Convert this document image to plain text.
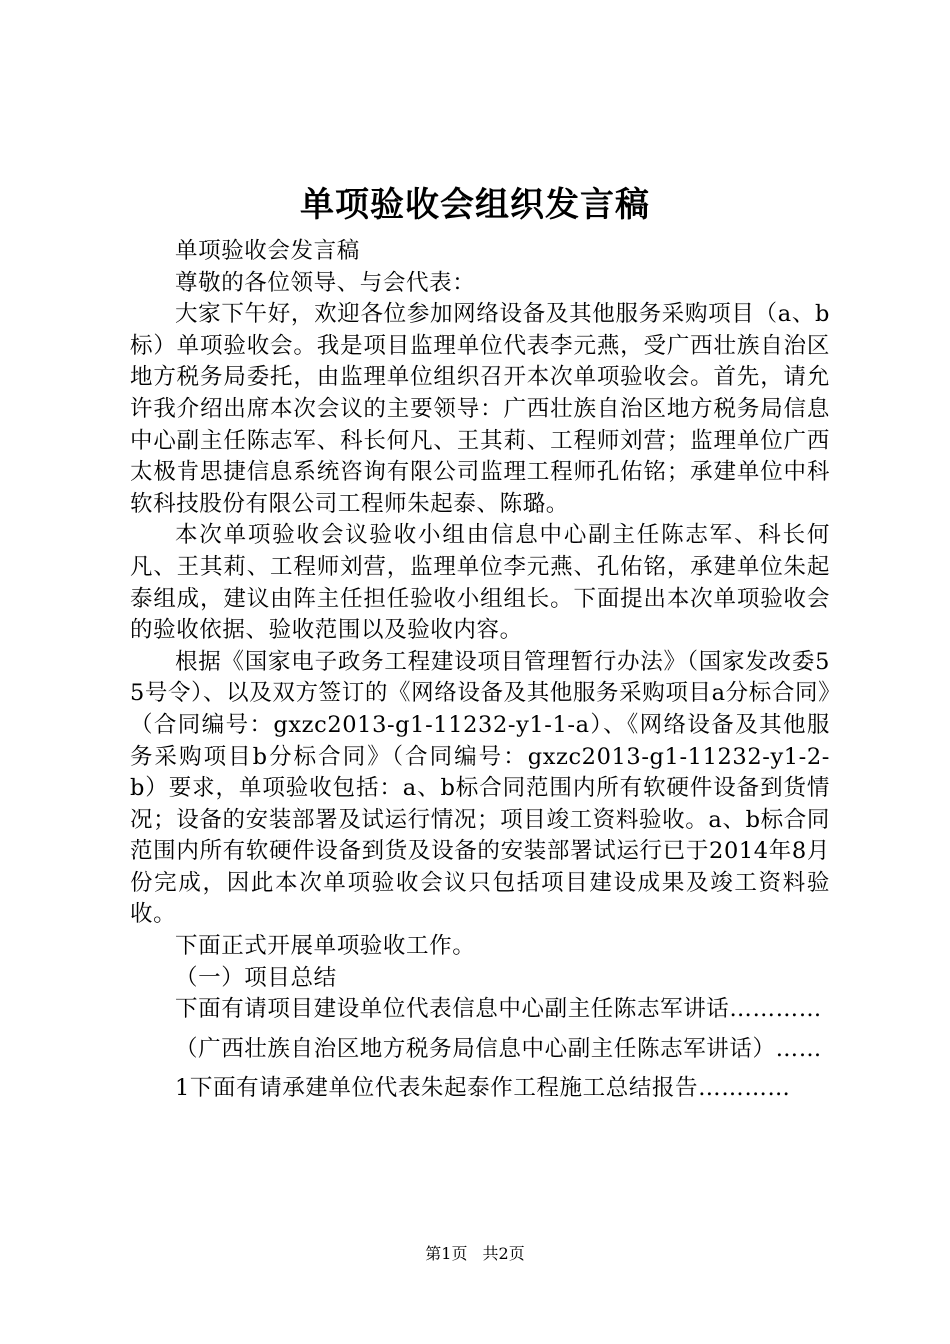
单项验收会组织发言稿

单项验收会发言稿

尊敬的各位领导、与会代表：

大家下午好，欢迎各位参加网络设备及其他服务采购项目（a、b标）单项验收会。我是项目监理单位代表李元燕，受广西壮族自治区地方税务局委托，由监理单位组织召开本次单项验收会。首先，请允许我介绍出席本次会议的主要领导：广西壮族自治区地方税务局信息中心副主任陈志军、科长何凡、王其莉、工程师刘营；监理单位广西太极肯思捷信息系统咨询有限公司监理工程师孔佑铭；承建单位中科软科技股份有限公司工程师朱起泰、陈璐。

本次单项验收会议验收小组由信息中心副主任陈志军、科长何凡、王其莉、工程师刘营，监理单位李元燕、孔佑铭，承建单位朱起泰组成，建议由阵主任担任验收小组组长。下面提出本次单项验收会的验收依据、验收范围以及验收内容。

根据《国家电子政务工程建设项目管理暂行办法》（国家发改委55号令）、以及双方签订的《网络设备及其他服务采购项目a分标合同》（合同编号：gxzc2013-g1-11232-y1-1-a）、《网络设备及其他服务采购项目b分标合同》（合同编号：gxzc2013-g1-11232-y1-2-b）要求，单项验收包括：a、b标合同范围内所有软硬件设备到货情况；设备的安装部署及试运行情况；项目竣工资料验收。a、b标合同范围内所有软硬件设备到货及设备的安装部署试运行已于2014年8月份完成，因此本次单项验收会议只包括项目建设成果及竣工资料验收。

下面正式开展单项验收工作。

（一）项目总结

下面有请项目建设单位代表信息中心副主任陈志军讲话…………

（广西壮族自治区地方税务局信息中心副主任陈志军讲话）……

1下面有请承建单位代表朱起泰作工程施工总结报告…………

第1页 共2页
